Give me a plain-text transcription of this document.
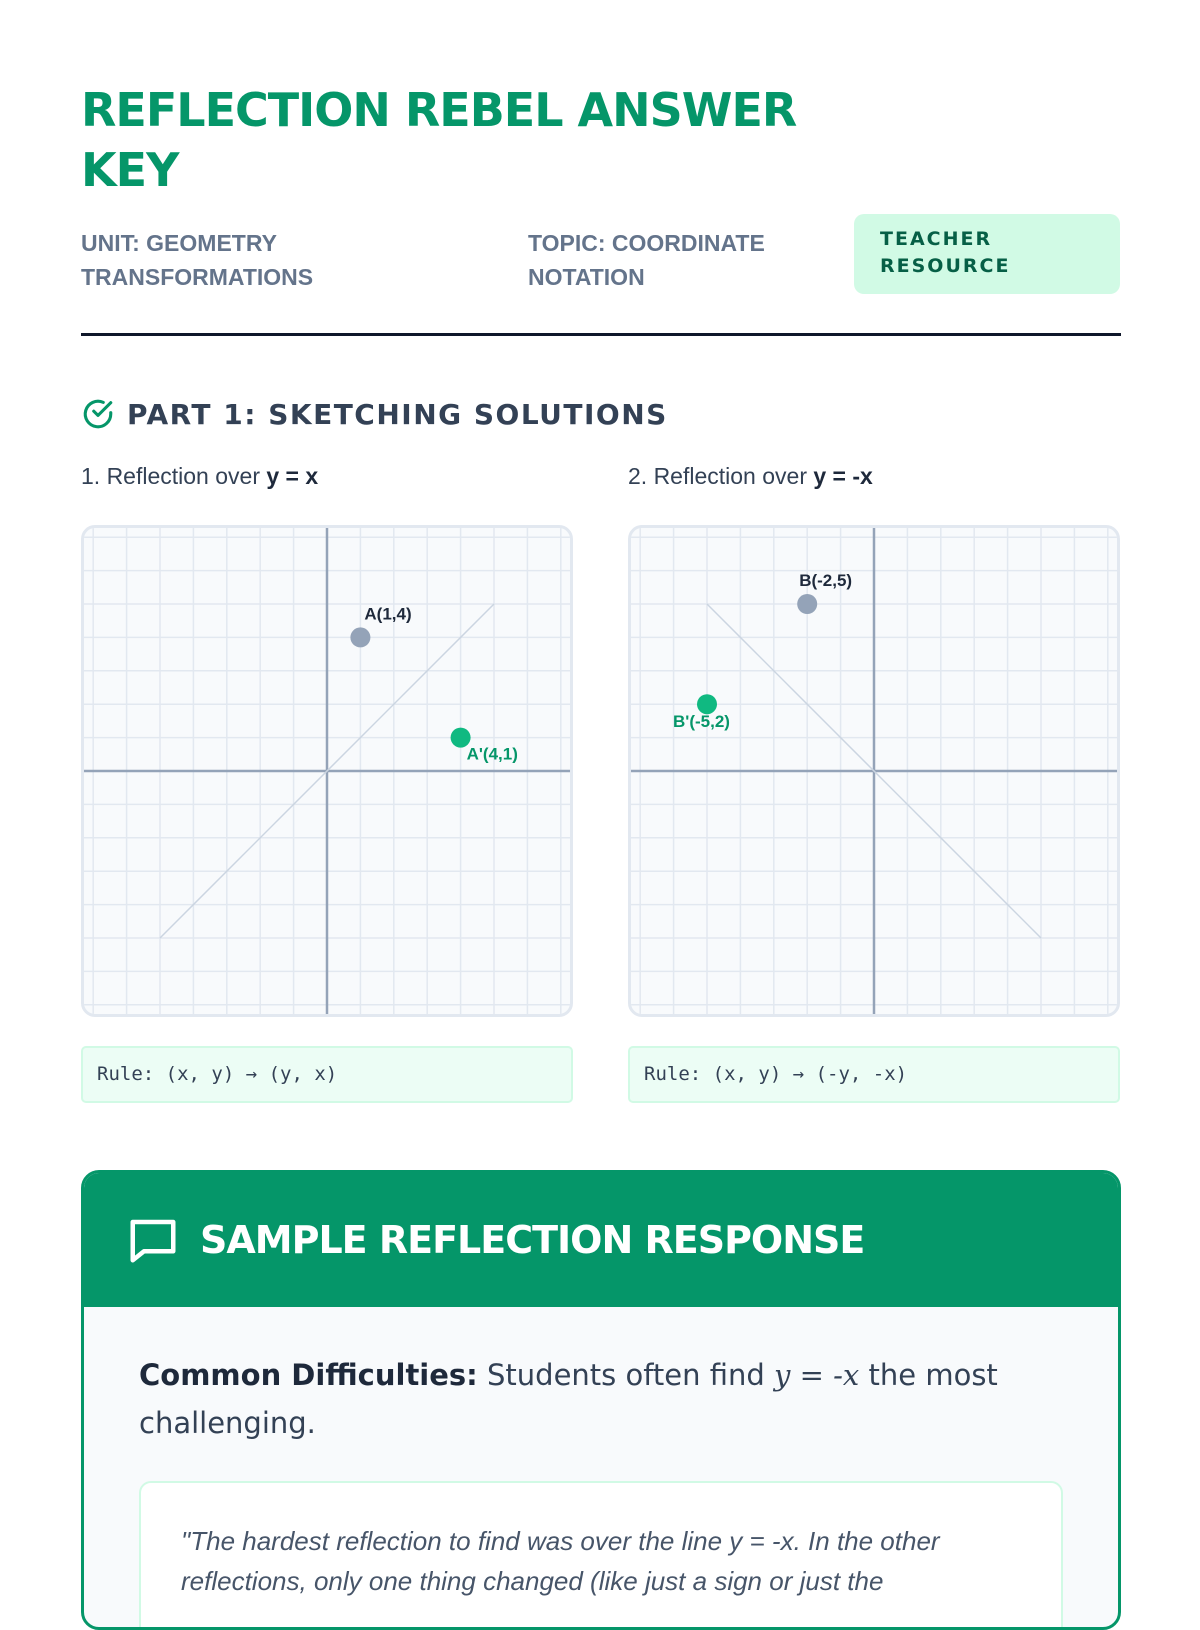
REFLECTION REBEL ANSWER KEY
UNIT: GEOMETRY TRANSFORMATIONS
TOPIC: COORDINATE NOTATION
TEACHER RESOURCE
PART 1: SKETCHING SOLUTIONS
1. Reflection over y = x	2. Reflection over y = -x
A(1,4)
A'(4,1)
B(-2,5)
B'(-5,2)
Rule: (x, y) → (y, x)	Rule: (x, y) → (-y, -x)
SAMPLE REFLECTION RESPONSE

Common Difficulties: Students often find y = -x the most challenging.

"The hardest reflection to find was over the line y = -x. In the other reflections, only one thing changed (like just a sign or just the
